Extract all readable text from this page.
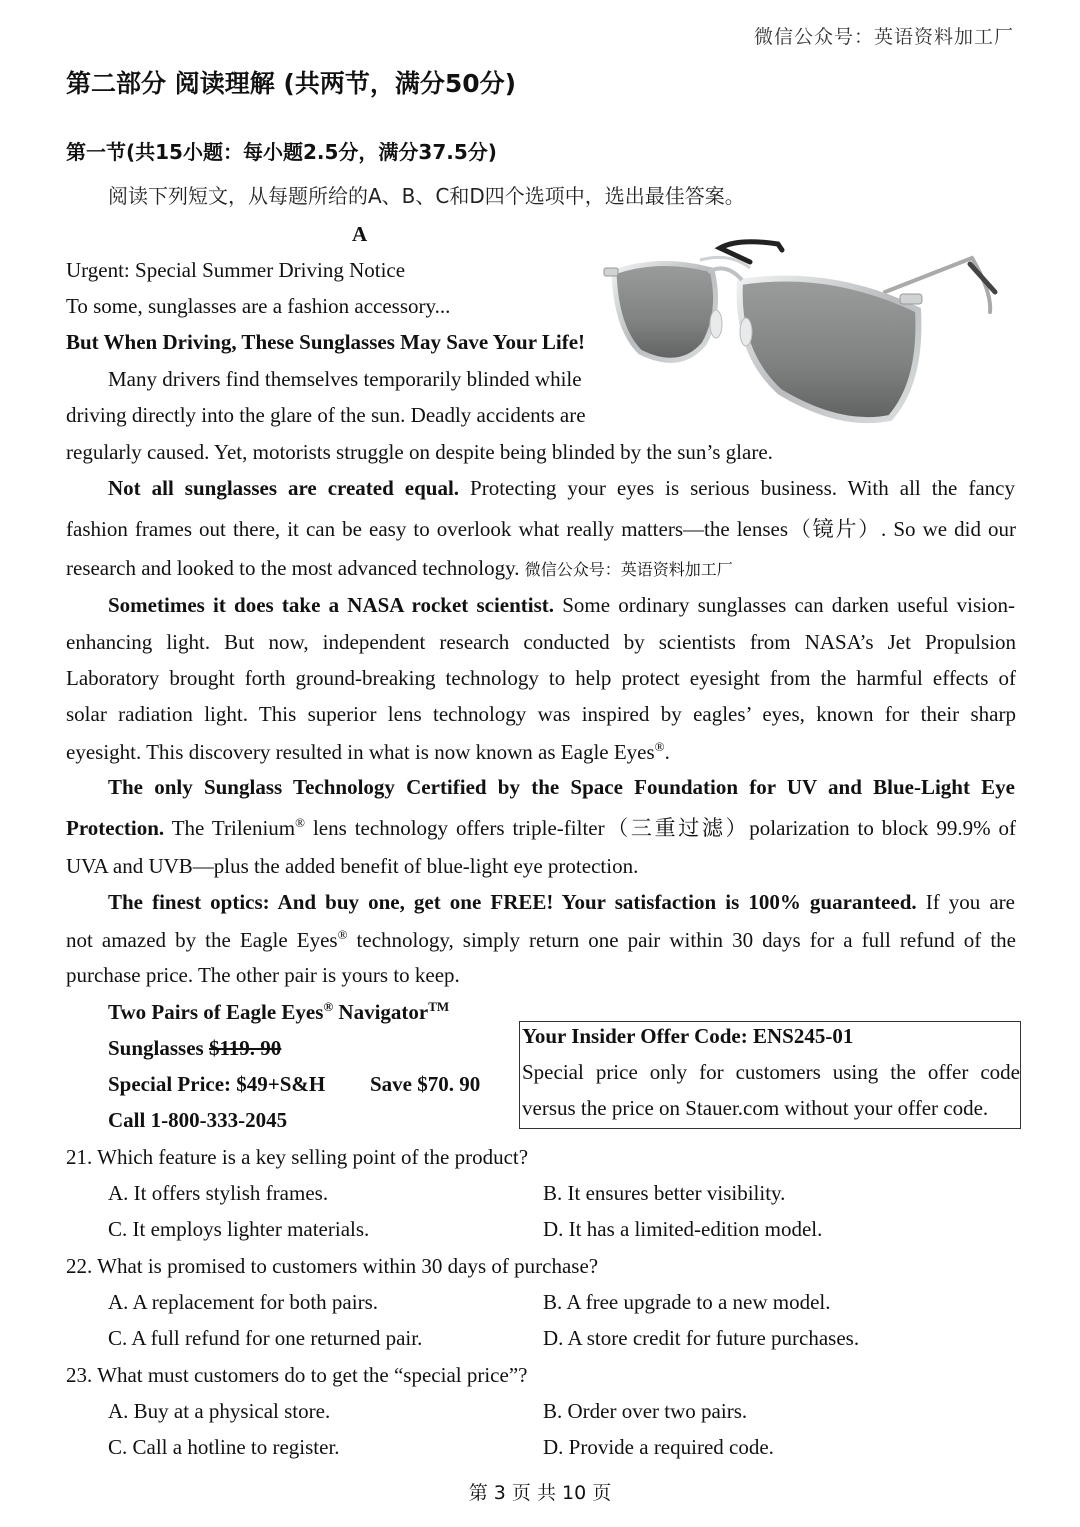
微信公众号：英语资料加工厂
第二部分 阅读理解 (共两节，满分50分)
第一节(共15小题：每小题2.5分，满分37.5分)
阅读下列短文，从每题所给的A、B、C和D四个选项中，选出最佳答案。
A
Urgent: Special Summer Driving Notice
To some, sunglasses are a fashion accessory...
But When Driving, These Sunglasses May Save Your Life!
Many drivers find themselves temporarily blinded while
driving directly into the glare of the sun. Deadly accidents are
regularly caused. Yet, motorists struggle on despite being blinded by the sun’s glare.
Not all sunglasses are created equal. Protecting your eyes is serious business. With all the fancy
fashion frames out there, it can be easy to overlook what really matters—the lenses（镜片）. So we did our
research and looked to the most advanced technology. 微信公众号：英语资料加工厂
Sometimes it does take a NASA rocket scientist. Some ordinary sunglasses can darken useful vision-
enhancing light. But now, independent research conducted by scientists from NASA’s Jet Propulsion
Laboratory brought forth ground-breaking technology to help protect eyesight from the harmful effects of
solar radiation light. This superior lens technology was inspired by eagles’ eyes, known for their sharp
eyesight. This discovery resulted in what is now known as Eagle Eyes®.
The only Sunglass Technology Certified by the Space Foundation for UV and Blue-Light Eye
Protection. The Trilenium® lens technology offers triple-filter（三重过滤）polarization to block 99.9% of
UVA and UVB—plus the added benefit of blue-light eye protection.
The finest optics: And buy one, get one FREE! Your satisfaction is 100% guaranteed. If you are
not amazed by the Eagle Eyes® technology, simply return one pair within 30 days for a full refund of the
purchase price. The other pair is yours to keep.
Two Pairs of Eagle Eyes® Navigator™
Sunglasses $119. 90
Special Price: $49+S&H Save $70. 90
Call 1-800-333-2045
Your Insider Offer Code: ENS245-01
Special price only for customers using the offer code
versus the price on Stauer.com without your offer code.
21. Which feature is a key selling point of the product?
A. It offers stylish frames.	B. It ensures better visibility.
C. It employs lighter materials.	D. It has a limited-edition model.
22. What is promised to customers within 30 days of purchase?
A. A replacement for both pairs.	B. A free upgrade to a new model.
C. A full refund for one returned pair.	D. A store credit for future purchases.
23. What must customers do to get the “special price”?
A. Buy at a physical store.	B. Order over two pairs.
C. Call a hotline to register.	D. Provide a required code.
第 3 页 共 10 页
